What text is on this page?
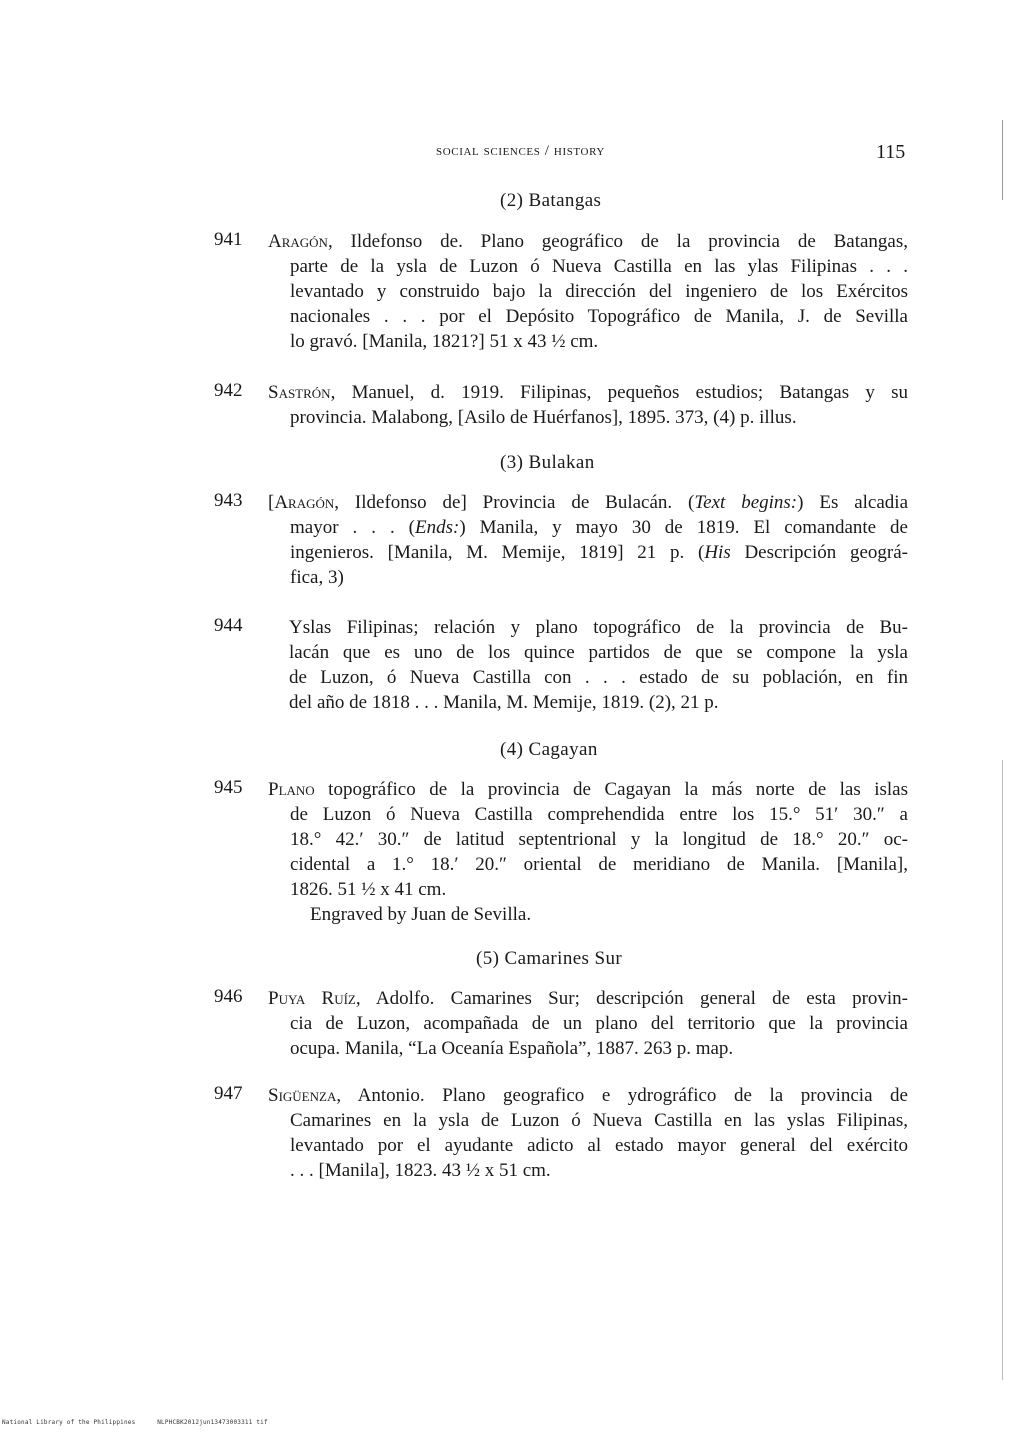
social sciences / history	115
(2) Batangas
941 Aragón, Ildefonso de. Plano geográfico de la provincia de Batangas,
parte de la ysla de Luzon ó Nueva Castilla en las ylas Filipinas . . .
levantado y construido bajo la dirección del ingeniero de los Exércitos
nacionales . . . por el Depósito Topográfico de Manila, J. de Sevilla
lo gravó. [Manila, 1821?] 51 x 43 ½ cm.
942 Sastrón, Manuel, d. 1919. Filipinas, pequeños estudios; Batangas y su
provincia. Malabong, [Asilo de Huérfanos], 1895. 373, (4) p. illus.
(3) Bulakan
943 [Aragón, Ildefonso de] Provincia de Bulacán. (Text begins:) Es alcadia
mayor . . . (Ends:) Manila, y mayo 30 de 1819. El comandante de
ingenieros. [Manila, M. Memije, 1819] 21 p. (His Descripción geográ-
fica, 3)
944 Yslas Filipinas; relación y plano topográfico de la provincia de Bu-
lacán que es uno de los quince partidos de que se compone la ysla
de Luzon, ó Nueva Castilla con . . . estado de su población, en fin
del año de 1818 . . . Manila, M. Memije, 1819. (2), 21 p.
(4) Cagayan
945 Plano topográfico de la provincia de Cagayan la más norte de las islas
de Luzon ó Nueva Castilla comprehendida entre los 15.° 51′ 30.″ a
18.° 42.′ 30.″ de latitud septentrional y la longitud de 18.° 20.″ oc-
cidental a 1.° 18.′ 20.″ oriental de meridiano de Manila. [Manila],
1826. 51 ½ x 41 cm.
Engraved by Juan de Sevilla.
(5) Camarines Sur
946 Puya Ruíz, Adolfo. Camarines Sur; descripción general de esta provin-
cia de Luzon, acompañada de un plano del territorio que la provincia
ocupa. Manila, “La Oceanía Española”, 1887. 263 p. map.
947 Sigüenza, Antonio. Plano geografico e ydrográfico de la provincia de
Camarines en la ysla de Luzon ó Nueva Castilla en las yslas Filipinas,
levantado por el ayudante adicto al estado mayor general del exército
. . . [Manila], 1823. 43 ½ x 51 cm.
National Library of the Philippines	NLPHCBK2012jun13473003311 tif
